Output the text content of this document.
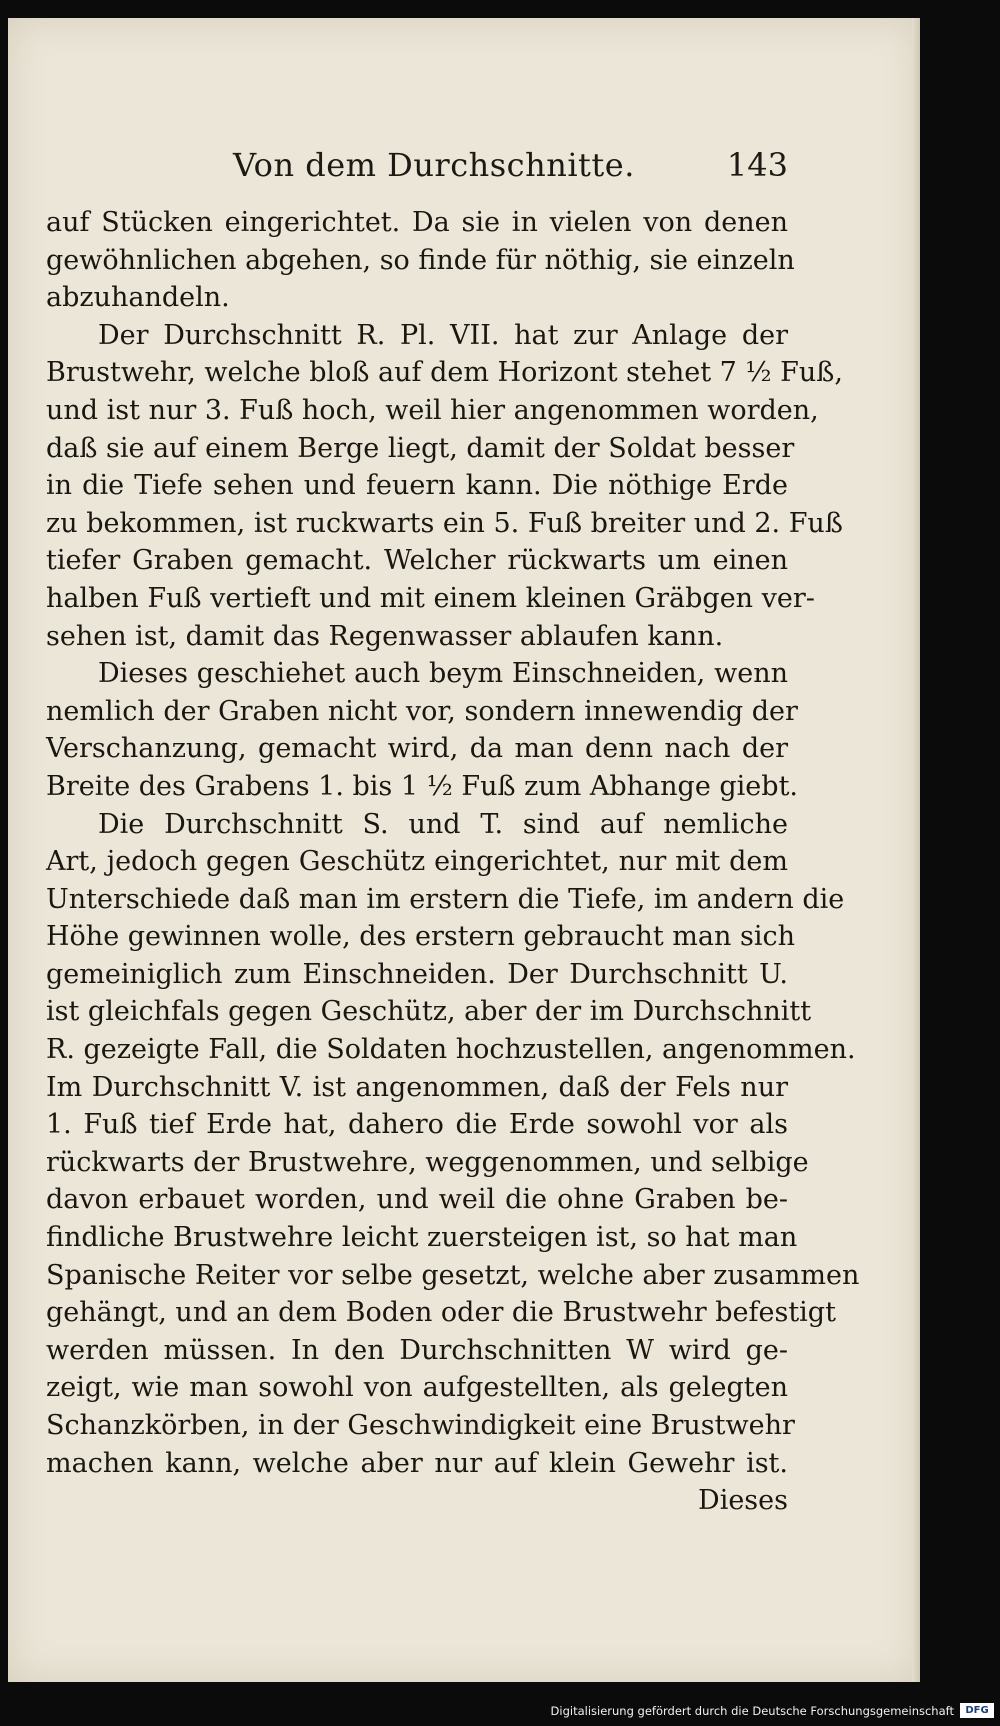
Von dem Durchschnitte.	143
auf Stücken eingerichtet. Da sie in vielen von denen
gewöhnlichen abgehen, so finde für nöthig, sie einzeln
abzuhandeln.
Der Durchschnitt R. Pl. VII. hat zur Anlage der
Brustwehr, welche bloß auf dem Horizont stehet 7 ½ Fuß,
und ist nur 3. Fuß hoch, weil hier angenommen worden,
daß sie auf einem Berge liegt, damit der Soldat besser
in die Tiefe sehen und feuern kann. Die nöthige Erde
zu bekommen, ist ruckwarts ein 5. Fuß breiter und 2. Fuß
tiefer Graben gemacht. Welcher rückwarts um einen
halben Fuß vertieft und mit einem kleinen Gräbgen ver-
sehen ist, damit das Regenwasser ablaufen kann.
Dieses geschiehet auch beym Einschneiden, wenn
nemlich der Graben nicht vor, sondern innewendig der
Verschanzung, gemacht wird, da man denn nach der
Breite des Grabens 1. bis 1 ½ Fuß zum Abhange giebt.
Die Durchschnitt S. und T. sind auf nemliche
Art, jedoch gegen Geschütz eingerichtet, nur mit dem
Unterschiede daß man im erstern die Tiefe, im andern die
Höhe gewinnen wolle, des erstern gebraucht man sich
gemeiniglich zum Einschneiden. Der Durchschnitt U.
ist gleichfals gegen Geschütz, aber der im Durchschnitt
R. gezeigte Fall, die Soldaten hochzustellen, angenommen.
Im Durchschnitt V. ist angenommen, daß der Fels nur
1. Fuß tief Erde hat, dahero die Erde sowohl vor als
rückwarts der Brustwehre, weggenommen, und selbige
davon erbauet worden, und weil die ohne Graben be-
findliche Brustwehre leicht zuersteigen ist, so hat man
Spanische Reiter vor selbe gesetzt, welche aber zusammen
gehängt, und an dem Boden oder die Brustwehr befestigt
werden müssen. In den Durchschnitten W wird ge-
zeigt, wie man sowohl von aufgestellten, als gelegten
Schanzkörben, in der Geschwindigkeit eine Brustwehr
machen kann, welche aber nur auf klein Gewehr ist.
Dieses
Digitalisierung gefördert durch die Deutsche Forschungsgemeinschaft	DFG
